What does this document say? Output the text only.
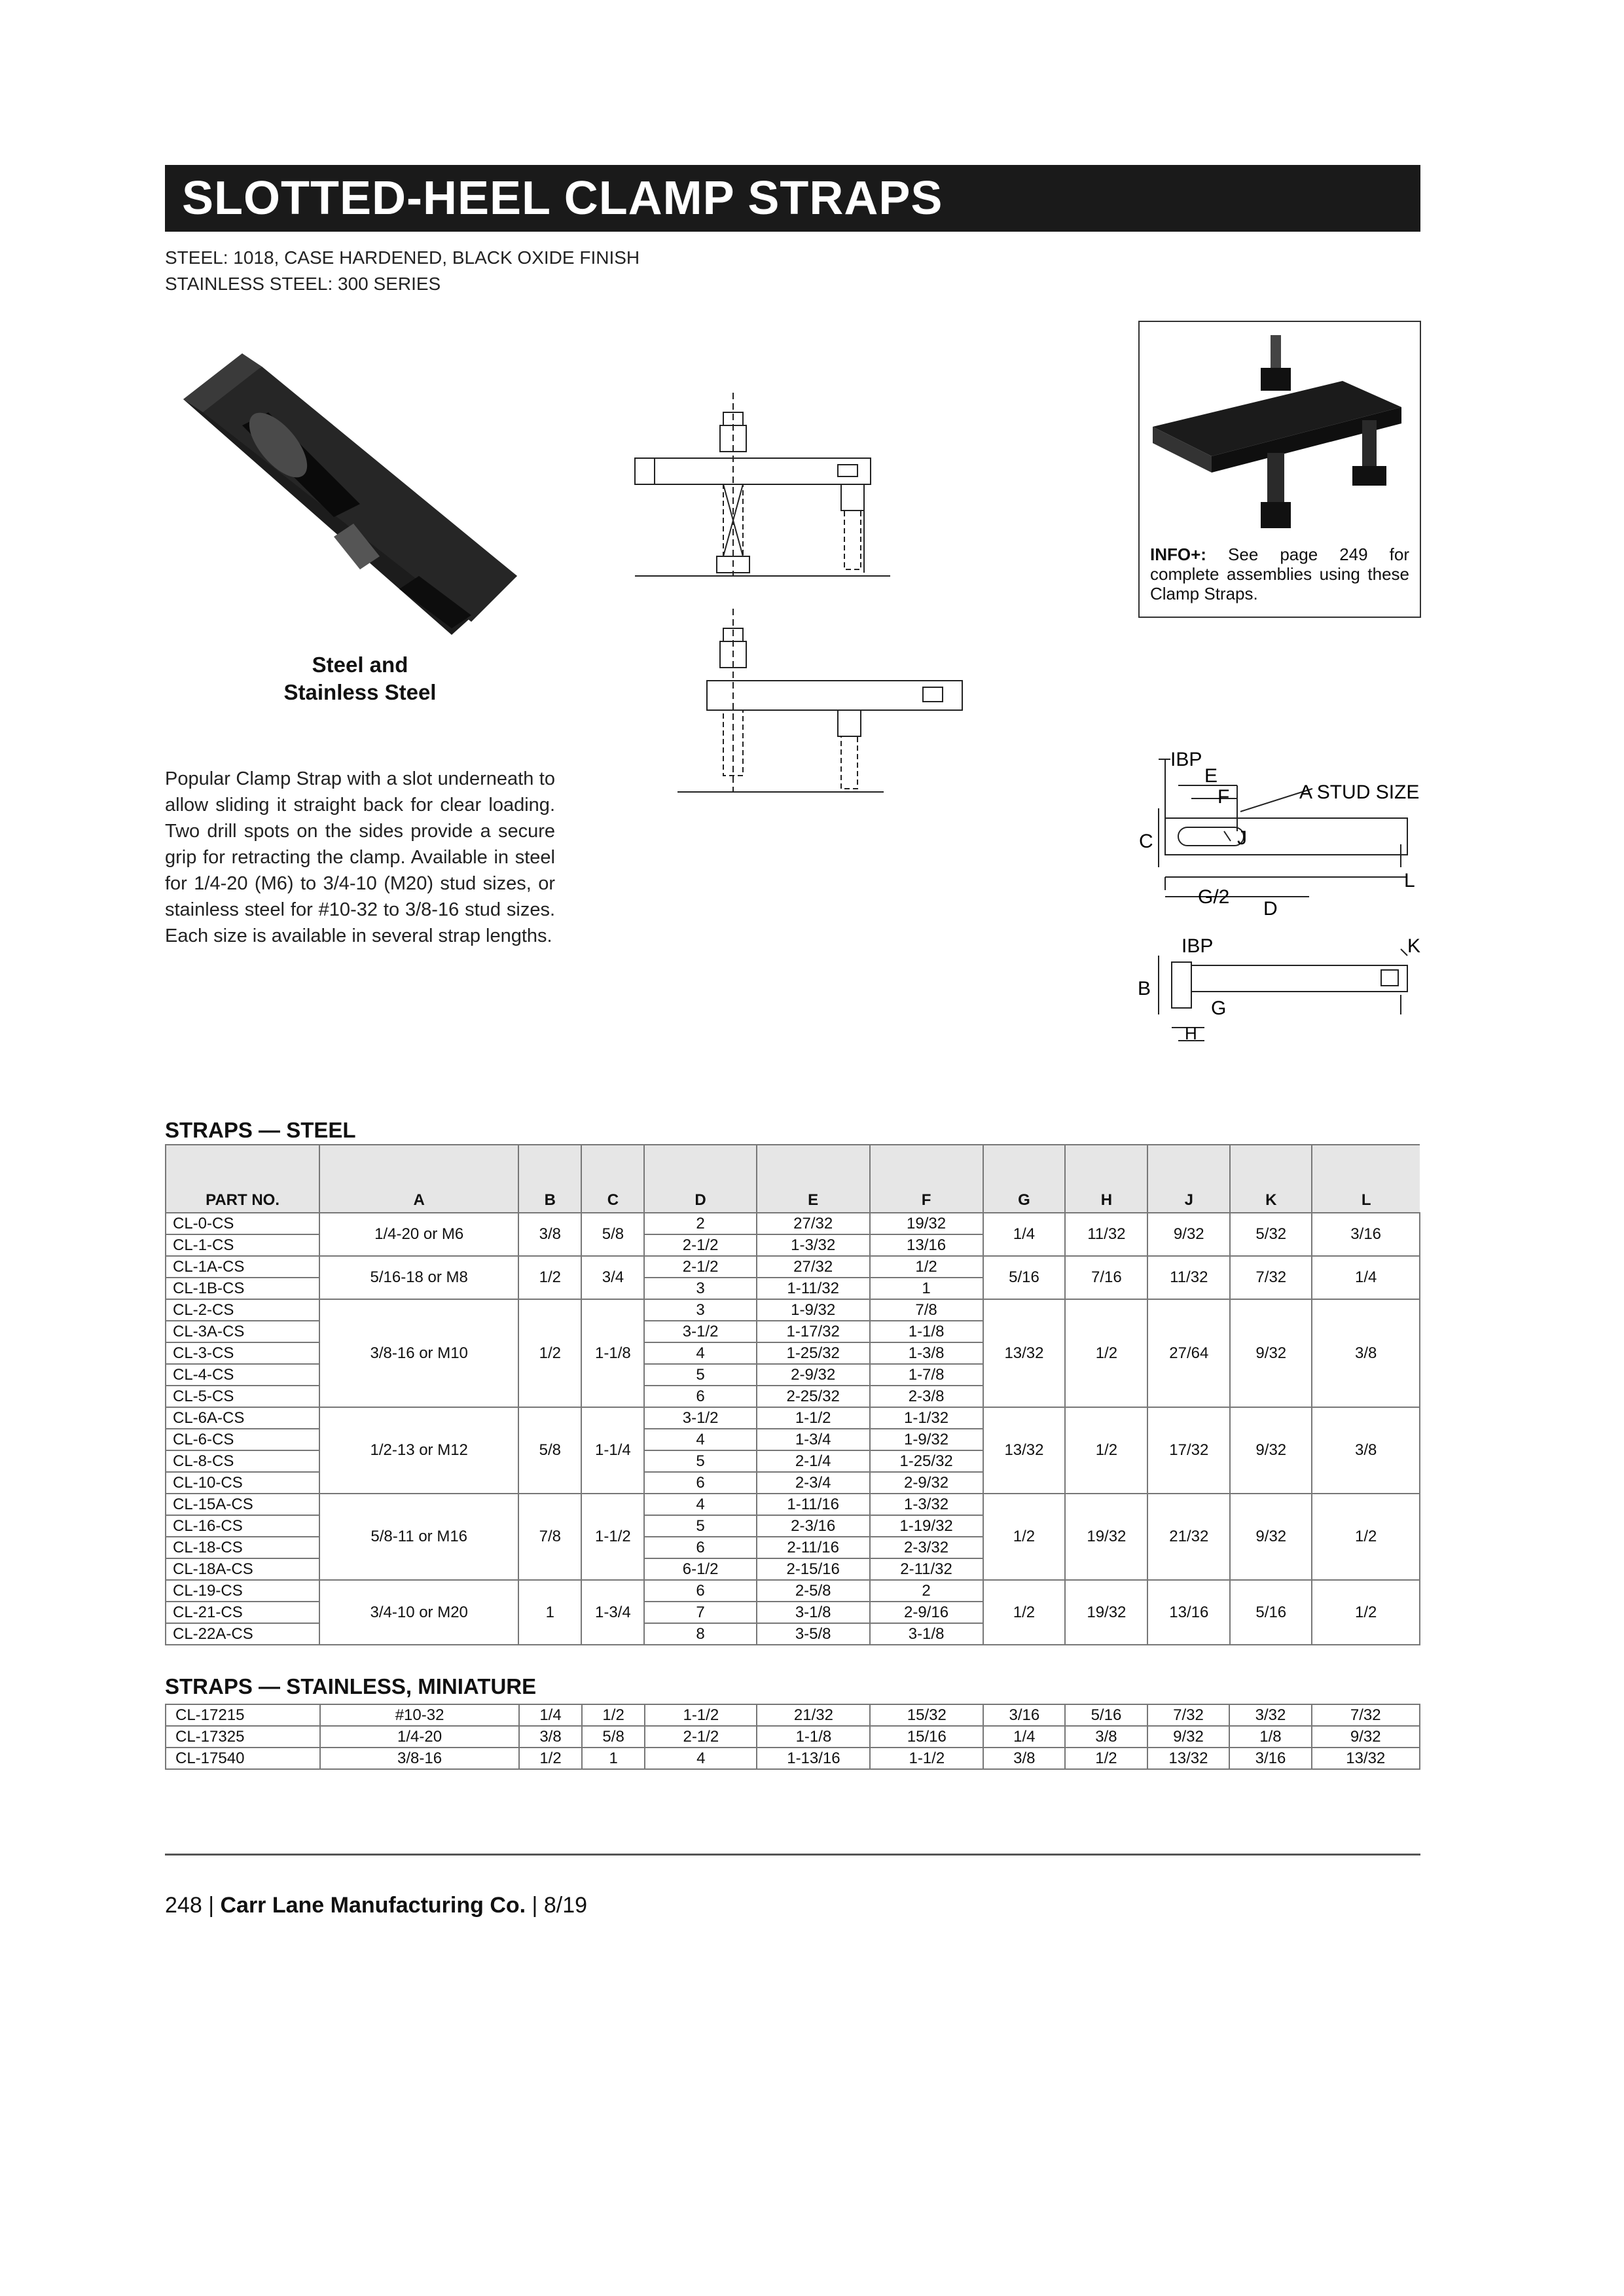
SLOTTED-HEEL CLAMP STRAPS
STEEL: 1018, CASE HARDENED, BLACK OXIDE FINISH
STAINLESS STEEL: 300 SERIES
Steel and
Stainless Steel
Popular Clamp Strap with a slot underneath to allow sliding it straight back for clear loading. Two drill spots on the sides provide a secure grip for retracting the clamp. Available in steel for 1/4-20 (M6) to 3/4-10 (M20) stud sizes, or stainless steel for #10-32 to 3/8-16 stud sizes. Each size is available in several strap lengths.
INFO+: See page 249 for complete assemblies using these Clamp Straps.
IBP
E
F	A STUD SIZE
C	J
L
G/2
D
IBP	K
B
G
H
STRAPS — STEEL
PART NO.	A	B	C	D	E	F	G	H	J	K	L
CL-0-CS	1/4-20 or M6	3/8	5/8	2	27/32	19/32	1/4	11/32	9/32	5/32	3/16
CL-1-CS				2-1/2	1-3/32	13/16					
CL-1A-CS	5/16-18 or M8	1/2	3/4	2-1/2	27/32	1/2	5/16	7/16	11/32	7/32	1/4
CL-1B-CS				3	1-11/32	1					
CL-2-CS	3/8-16 or M10	1/2	1-1/8	3	1-9/32	7/8	13/32	1/2	27/64	9/32	3/8
CL-3A-CS				3-1/2	1-17/32	1-1/8					
CL-3-CS				4	1-25/32	1-3/8					
CL-4-CS				5	2-9/32	1-7/8					
CL-5-CS				6	2-25/32	2-3/8					
CL-6A-CS	1/2-13 or M12	5/8	1-1/4	3-1/2	1-1/2	1-1/32	13/32	1/2	17/32	9/32	3/8
CL-6-CS				4	1-3/4	1-9/32					
CL-8-CS				5	2-1/4	1-25/32					
CL-10-CS				6	2-3/4	2-9/32					
CL-15A-CS	5/8-11 or M16	7/8	1-1/2	4	1-11/16	1-3/32	1/2	19/32	21/32	9/32	1/2
CL-16-CS				5	2-3/16	1-19/32					
CL-18-CS				6	2-11/16	2-3/32					
CL-18A-CS				6-1/2	2-15/16	2-11/32					
CL-19-CS	3/4-10 or M20	1	1-3/4	6	2-5/8	2	1/2	19/32	13/16	5/16	1/2
CL-21-CS				7	3-1/8	2-9/16					
CL-22A-CS				8	3-5/8	3-1/8					
STRAPS — STAINLESS, MINIATURE
CL-17215	#10-32	1/4	1/2	1-1/2	21/32	15/32	3/16	5/16	7/32	3/32	7/32
CL-17325	1/4-20	3/8	5/8	2-1/2	1-1/8	15/16	1/4	3/8	9/32	1/8	9/32
CL-17540	3/8-16	1/2	1	4	1-13/16	1-1/2	3/8	1/2	13/32	3/16	13/32
248 | Carr Lane Manufacturing Co. | 8/19
